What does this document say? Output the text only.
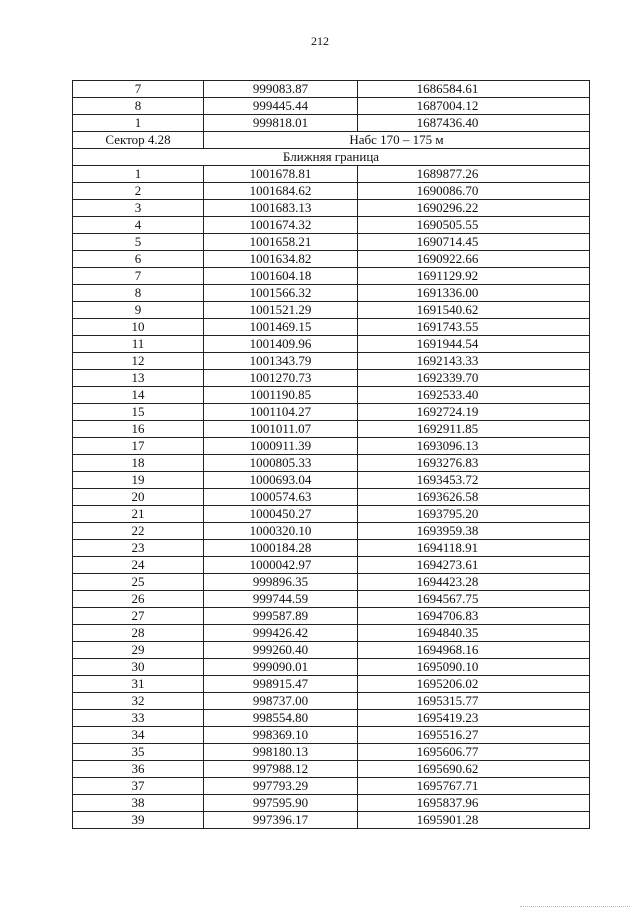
212
7	999083.87	1686584.61
8	999445.44	1687004.12
1	999818.01	1687436.40
Сектор 4.28	Набс 170 – 175 м	
Ближняя граница		
1	1001678.81	1689877.26
2	1001684.62	1690086.70
3	1001683.13	1690296.22
4	1001674.32	1690505.55
5	1001658.21	1690714.45
6	1001634.82	1690922.66
7	1001604.18	1691129.92
8	1001566.32	1691336.00
9	1001521.29	1691540.62
10	1001469.15	1691743.55
11	1001409.96	1691944.54
12	1001343.79	1692143.33
13	1001270.73	1692339.70
14	1001190.85	1692533.40
15	1001104.27	1692724.19
16	1001011.07	1692911.85
17	1000911.39	1693096.13
18	1000805.33	1693276.83
19	1000693.04	1693453.72
20	1000574.63	1693626.58
21	1000450.27	1693795.20
22	1000320.10	1693959.38
23	1000184.28	1694118.91
24	1000042.97	1694273.61
25	999896.35	1694423.28
26	999744.59	1694567.75
27	999587.89	1694706.83
28	999426.42	1694840.35
29	999260.40	1694968.16
30	999090.01	1695090.10
31	998915.47	1695206.02
32	998737.00	1695315.77
33	998554.80	1695419.23
34	998369.10	1695516.27
35	998180.13	1695606.77
36	997988.12	1695690.62
37	997793.29	1695767.71
38	997595.90	1695837.96
39	997396.17	1695901.28
